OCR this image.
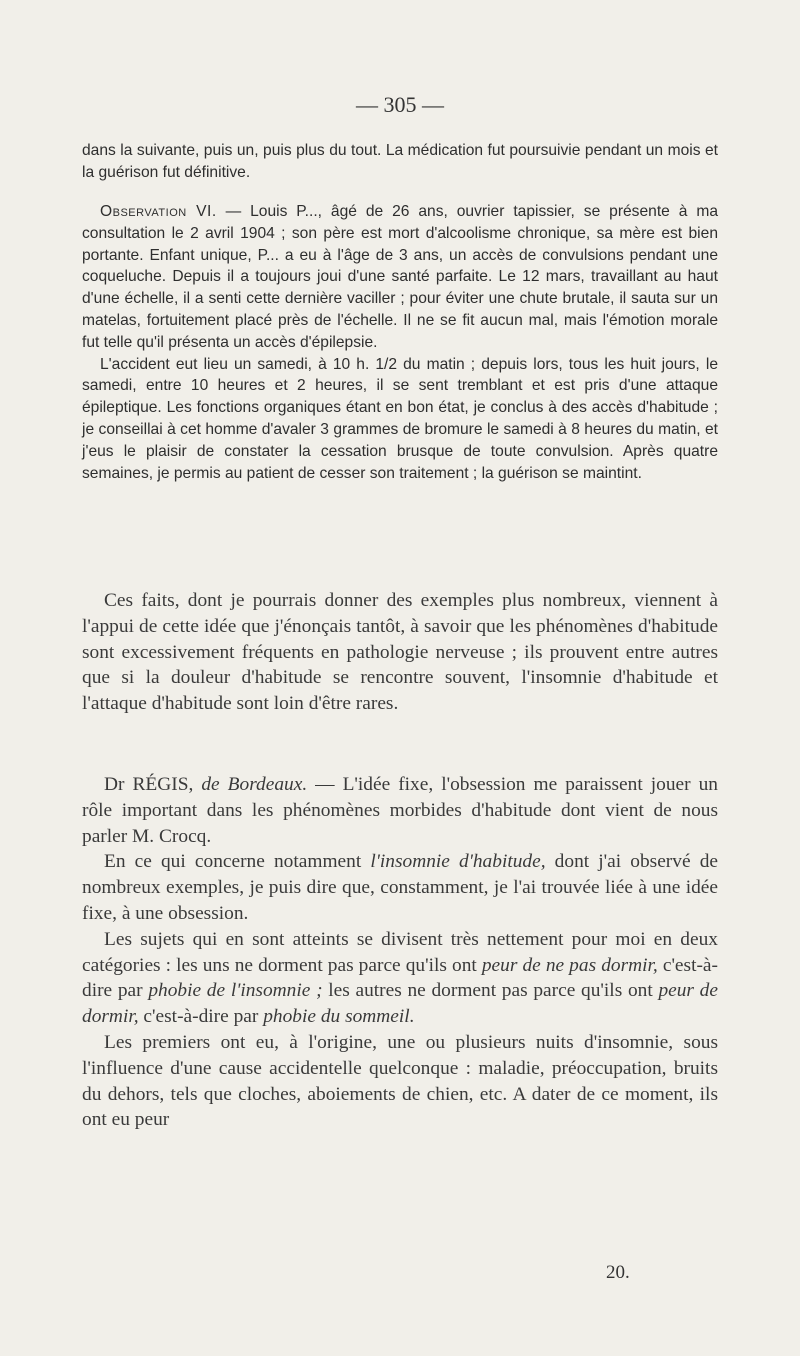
— 305 —

dans la suivante, puis un, puis plus du tout. La médication fut poursuivie pendant un mois et la guérison fut définitive.

Observation VI. — Louis P..., âgé de 26 ans, ouvrier tapissier, se présente à ma consultation le 2 avril 1904 ; son père est mort d'alcoolisme chronique, sa mère est bien portante. Enfant unique, P... a eu à l'âge de 3 ans, un accès de convulsions pendant une coqueluche. Depuis il a toujours joui d'une santé parfaite. Le 12 mars, travaillant au haut d'une échelle, il a senti cette dernière vaciller ; pour éviter une chute brutale, il sauta sur un matelas, fortuitement placé près de l'échelle. Il ne se fit aucun mal, mais l'émotion morale fut telle qu'il présenta un accès d'épilepsie.

L'accident eut lieu un samedi, à 10 h. 1/2 du matin ; depuis lors, tous les huit jours, le samedi, entre 10 heures et 2 heures, il se sent tremblant et est pris d'une attaque épileptique. Les fonctions organiques étant en bon état, je conclus à des accès d'habitude ; je conseillai à cet homme d'avaler 3 grammes de bromure le samedi à 8 heures du matin, et j'eus le plaisir de constater la cessation brusque de toute convulsion. Après quatre semaines, je permis au patient de cesser son traitement ; la guérison se maintint.

Ces faits, dont je pourrais donner des exemples plus nombreux, viennent à l'appui de cette idée que j'énonçais tantôt, à savoir que les phénomènes d'habitude sont excessivement fréquents en pathologie nerveuse ; ils prouvent entre autres que si la douleur d'habitude se rencontre souvent, l'insomnie d'habitude et l'attaque d'habitude sont loin d'être rares.

Dr RÉGIS, de Bordeaux. — L'idée fixe, l'obsession me paraissent jouer un rôle important dans les phénomènes morbides d'habitude dont vient de nous parler M. Crocq.

En ce qui concerne notamment l'insomnie d'habitude, dont j'ai observé de nombreux exemples, je puis dire que, constamment, je l'ai trouvée liée à une idée fixe, à une obsession.

Les sujets qui en sont atteints se divisent très nettement pour moi en deux catégories : les uns ne dorment pas parce qu'ils ont peur de ne pas dormir, c'est-à-dire par phobie de l'insomnie ; les autres ne dorment pas parce qu'ils ont peur de dormir, c'est-à-dire par phobie du sommeil.

Les premiers ont eu, à l'origine, une ou plusieurs nuits d'insomnie, sous l'influence d'une cause accidentelle quelconque : maladie, préoccupation, bruits du dehors, tels que cloches, aboiements de chien, etc. A dater de ce moment, ils ont eu peur

20.
